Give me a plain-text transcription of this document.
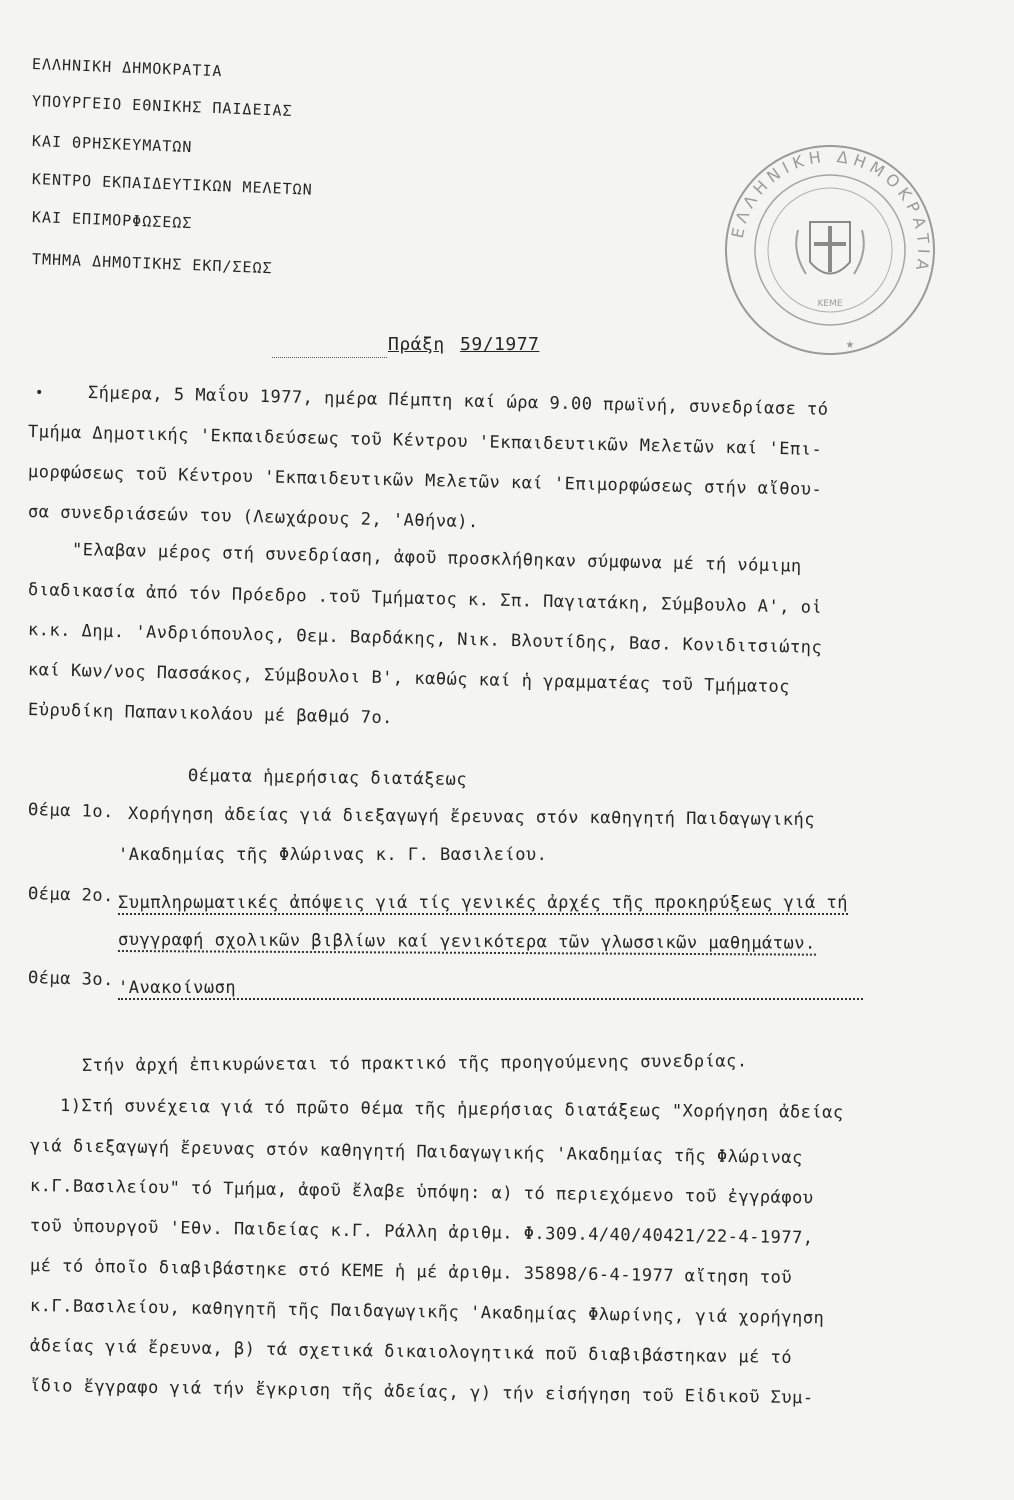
ΕΛΛΗΝΙΚΗ ΔΗΜΟΚΡΑΤΙΑ
ΥΠΟΥΡΓΕΙΟ ΕΘΝΙΚΗΣ ΠΑΙΔΕΙΑΣ
ΚΑΙ ΘΡΗΣΚΕΥΜΑΤΩΝ
ΚΕΝΤΡΟ ΕΚΠΑΙΔΕΥΤΙΚΩΝ ΜΕΛΕΤΩΝ
ΚΑΙ ΕΠΙΜΟΡΦΩΣΕΩΣ
ΤΜΗΜΑ ΔΗΜΟΤΙΚΗΣ ΕΚΠ/ΣΕΩΣ
ΕΛΛΗΝΙΚΗ ΔΗΜΟΚΡΑΤΙΑ
ΚΕΜΕ
★
Πράξη 59/1977
•	Σήμερα, 5 Μαΐου 1977, ημέρα Πέμπτη καί ώρα 9.00 πρωϊνή, συνεδρίασε τό
Τμήμα Δημοτικής 'Εκπαιδεύσεως τοῦ Κέντρου 'Εκπαιδευτικῶν Μελετῶν καί 'Επι-
μορφώσεως τοῦ Κέντρου 'Εκπαιδευτικῶν Μελετῶν καί 'Επιμορφώσεως στήν αἴθου-
σα συνεδριάσεών του (Λεωχάρους 2, 'Αθήνα).
"Ελαβαν μέρος στή συνεδρίαση, ἀφοῦ προσκλήθηκαν σύμφωνα μέ τή νόμιμη
διαδικασία ἀπό τόν Πρόεδρο .τοῦ Τμήματος κ. Σπ. Παγιατάκη, Σύμβουλο Α', οἱ
κ.κ. Δημ. 'Ανδριόπουλος, Θεμ. Βαρδάκης, Νικ. Βλουτίδης, Βασ. Κονιδιτσιώτης
καί Κων/νος Πασσάκος, Σύμβουλοι Β', καθώς καί ἡ γραμματέας τοῦ Τμήματος
Εὐρυδίκη Παπανικολάου μέ βαθμό 7ο.
Θέματα ἡμερήσιας διατάξεως
Θέμα 1ο. Χορήγηση ἀδείας γιά διεξαγωγή ἔρευνας στόν καθηγητή Παιδαγωγικής
'Ακαδημίας τῆς Φλώρινας κ. Γ. Βασιλείου.
Θέμα 2ο. Συμπληρωματικές ἀπόψεις γιά τίς γενικές ἀρχές τῆς προκηρύξεως γιά τή
συγγραφή σχολικῶν βιβλίων καί γενικότερα τῶν γλωσσικῶν μαθημάτων.
Θέμα 3ο. 'Ανακοίνωση
Στήν ἀρχή ἐπικυρώνεται τό πρακτικό τῆς προηγούμενης συνεδρίας.
1)Στή συνέχεια γιά τό πρῶτο θέμα τῆς ἡμερήσιας διατάξεως "Χορήγηση ἀδείας
γιά διεξαγωγή ἔρευνας στόν καθηγητή Παιδαγωγικής 'Ακαδημίας τῆς Φλώρινας
κ.Γ.Βασιλείου" τό Τμήμα, ἀφοῦ ἔλαβε ὑπόψη: α) τό περιεχόμενο τοῦ ἐγγράφου
τοῦ ὑπουργοῦ 'Εθν. Παιδείας κ.Γ. Ράλλη ἀριθμ. Φ.309.4/40/40421/22-4-1977,
μέ τό ὁποῖο διαβιβάστηκε στό ΚΕΜΕ ἡ μέ ἀριθμ. 35898/6-4-1977 αἴτηση τοῦ
κ.Γ.Βασιλείου, καθηγητῆ τῆς Παιδαγωγικῆς 'Ακαδημίας Φλωρίνης, γιά χορήγηση
ἀδείας γιά ἔρευνα, β) τά σχετικά δικαιολογητικά ποῦ διαβιβάστηκαν μέ τό
ἴδιο ἔγγραφο γιά τήν ἔγκριση τῆς ἀδείας, γ) τήν εἰσήγηση τοῦ Εἰδικοῦ Συμ-
